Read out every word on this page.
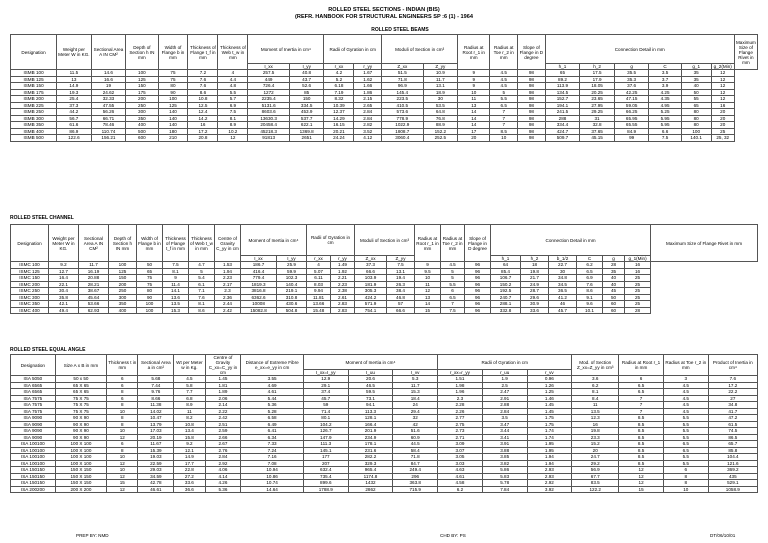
ROLLED STEEL SECTIONS - INDIAN (BIS)
(REFR. HANBOOK FOR STRUCTURAL ENGINEERS SP :6 (1) - 1964
ROLLED STEEL BEAMS
Designation	Weight per Meter W in KG.	Sectional Area A IN CM²	Depth of Section h IN mm	Width of Flange b in mm	Thickness of Flange t_f in mm	Thickness of Web t_w in mm	Moment of Inertia in cm⁴		Radii of Gyration in cm		Moduli of Section in cm³		Radius at Root r_1 in mm	Radius at Toe r_2 in mm	Slope of Flange in D degree	Connection Detail in mm						Maximum Size of Flange Rivet in mm
							I_xx	I_yy	r_xx	r_yy	Z_xx	Z_yy				h_1	h_2	g	C	g_1	g_2(Min)	
ISMB 100	11.5	14.6	100	75	7.2	4	257.5	40.8	4.2	1.67	51.5	10.9	9	4.5	98	65	17.5	35.5	3.5	35	12	
ISMB 125	13	16.6	125	75	7.6	4.4	449	43.7	5.2	1.62	71.8	11.7	9	4.5	98	89.2	17.9	35.3	3.7	35	12	
ISMB 150	14.9	19	150	80	7.6	4.8	726.4	52.6	6.18	1.66	96.9	13.1	9	4.5	98	113.9	18.05	37.6	3.9	40	12	
ISMB 175	19.3	24.62	175	90	8.6	5.5	1272	85	7.19	1.86	145.4	18.9	10	5	98	134.5	20.25	42.25	4.25	50	12	
ISMB 200	25.4	32.33	200	100	10.8	5.7	2235.4	150	8.32	2.15	223.5	30	11	5.5	98	152.7	23.65	47.15	4.35	55	12	
ISMB 225	37.3	47.55	250	125	12.5	6.9	5131.6	334.5	10.39	2.65	410.5	53.5	13	6.5	98	194.1	27.95	59.05	4.95	65	16	
ISMB 250	44.2	56.26	300	140	12.4	7.5	8603.6	453.9	12.37	2.84	573.6	64.8	14	7	98	241.5	29.25	66.25	5.25	80	20	
ISMB 300	56.7	66.71	350	140	14.2	8.1	13630.3	537.7	14.29	2.84	778.9	76.8	14	7	98	288	31	65.95	5.95	80	20	
ISMB 350	61.6	78.46	400	140	16	8.9	20458.4	622.1	16.15	2.82	1022.9	88.9	14	7	98	334.4	32.8	65.55	5.95	80	20	
ISMB 400	86.9	110.74	500	180	17.2	10.2	45218.3	1369.8	20.21	3.52	1808.7	152.2	17	8.5	98	424.7	37.65	84.9	6.6	100	25	
ISMB 500	122.6	156.21	600	210	20.8	12	91813	2651	24.24	4.12	3060.4	252.5	20	10	98	509.7	45.15	99	7.5	140.1	25, 32	
ROLLED STEEL CHANNEL
Designation	Weight per Meter W in KG.	Sectional Area A IN CM²	Depth of Section h IN mm	Width of Flange b in mm	Thickness of Flange t_f in mm	Thickness of Web t_w in mm	Centre of Gravity C_yy in cm	Moment of Inertia in cm⁴		Radii of Gyration in cm		Moduli of Section in cm³		Radius at Root r_1 in mm	Radius at Toe r_2 in mm	Slope of Flange in D degree	Connection Detail in mm						Maximum Size of Flange Rivet in mm
								I_xx	I_yy	r_xx	r_yy	Z_xx	Z_yy				h_1	h_2	b_1/2	C	g	g_1(Min)	
ISMC 100	9.2	11.7	100	50	7.5	4.7	1.53	186.7	25.9	4	1.49	37.3	7.5	9	4.5	96	64	18	22.7	6.2	28	16	
ISMC 125	12.7	16.19	125	65	8.1	5	1.94	416.4	59.9	5.07	1.92	66.6	13.1	9.5	5	96	85.4	19.8	30	6.5	35	16	
ISMC 150	16.4	20.88	150	75	9	5.4	2.23	779.4	102.3	6.11	2.21	103.9	19.4	10	5	96	106.7	21.7	34.8	6.9	40	25	
ISMC 200	22.1	28.21	200	75	11.4	6.1	2.17	1819.3	140.4	8.03	2.23	181.9	26.3	11	5.5	96	150.2	24.9	34.5	7.6	40	25	
ISMC 250	30.4	38.67	250	80	14.1	7.1	2.3	3816.8	219.1	9.94	2.38	305.3	38.4	12	6	96	192.5	28.7	36.5	8.6	45	25	
ISMC 300	35.8	45.64	300	90	13.6	7.6	2.36	6362.6	310.8	11.81	2.61	424.2	46.8	13	6.5	96	240.7	29.6	41.2	9.1	50	25	
ISMC 350	42.1	53.66	350	100	13.5	8.1	2.44	10008	430.6	13.66	2.83	571.9	57	14	7	96	288.1	30.9	46	9.6	60	25	
ISMC 400	49.4	62.93	400	100	15.3	8.6	2.42	15082.8	504.8	15.48	2.83	754.1	66.6	15	7.5	96	332.8	33.6	45.7	10.1	60	28	
ROLLED STEEL EQUAL ANGLE
Designation	Size A x B in mm	Thickness t in mm	Sectional Area a in cm²	Wt per Meter w in Kg.	Centre of Gravity C_xx=C_yy in cm	Distance of Extreme Fibre e_xx=e_yy in cm	Moment of Inertia in cm⁴			Radii of Gyration in cm			Mod. of Section Z_xx=Z_yy in cm³	Radius at Root r_1 in mm	Radius at Toe r_2 in mm	Product of Inertia in cm⁴
							I_xx=I_yy	I_uu	I_vv	r_xx=r_yy	r_uu	r_vv				
ISA 5050	50 x 50	6	5.68	4.5	1.45	3.55	12.9	20.6	5.3	1.51	1.9	0.96	3.6	6	3	7.6
ISA 6565	65 X 65	6	7.44	5.8	1.81	4.69	29.1	46.5	11.7	1.98	2.5	1.26	6.2	6.5	4.5	17.2
ISA 6565	65 X 65	8	9.76	7.7	1.89	4.61	37.4	59.5	15.3	1.96	2.47	1.25	8.1	6.5	4.5	22.2
ISA 7575	75 X 75	6	8.66	6.8	2.06	5.44	45.7	73.1	18.4	2.3	2.91	1.46	8.4	7	4.5	27
ISA 7575	75 X 75	8	11.38	8.9	2.14	5.36	59	94.1	24	2.28	2.88	1.45	11	7	4.5	34.8
ISA 7575	75 X 75	10	14.02	11	2.22	5.28	71.4	113.3	29.4	2.26	2.84	1.45	13.5	7	4.5	41.7
ISA 9090	90 X 90	8	10.47	8.2	2.42	6.58	80.1	128.1	32	2.77	3.5	1.75	12.3	8.5	5.5	47.2
ISA 9090	90 X 90	8	13.79	10.8	2.51	6.49	104.2	166.4	42	2.75	3.47	1.75	16	8.5	5.5	61.5
ISA 9090	90 X 90	10	17.03	13.4	2.59	6.41	126.7	201.9	51.6	2.73	3.44	1.74	19.8	8.5	5.5	74.5
ISA 9090	90 X 90	12	20.19	15.8	2.66	6.34	147.9	234.9	60.9	2.71	3.41	1.74	23.3	8.5	5.5	86.5
ISA 100100	100 X 100	6	11.67	9.2	2.67	7.33	111.3	178.1	44.5	3.09	3.91	1.95	15.2	8.5	6.5	65.7
ISA 100100	100 X 100	8	15.39	12.1	2.76	7.24	145.1	231.6	58.4	3.07	3.88	1.95	20	8.5	6.5	85.8
ISA 100100	100 X 100	10	19.03	14.9	2.84	7.16	177	282.2	71.8	3.05	3.85	1.94	24.7	8.5	5.5	104.4
ISA 100100	100 X 100	12	22.59	17.7	2.92	7.08	207	329.3	84.7	3.03	3.82	1.94	29.2	8.5	5.5	121.6
ISA 150150	150 X 150	10	29.03	22.8	4.06	10.94	632.4	965.4	249.4	4.63	5.86	2.93	56.9	12	6	369.2
ISA 150150	150 X 150	12	34.59	27.2	4.14	10.86	735.4	1174.8	296	4.61	5.83	2.93	67.7	12	8	435
ISA 150150	150 X 150	15	42.78	33.6	4.26	10.74	899.6	1432	363.8	4.58	5.78	2.92	83.5	12	8	529.1
ISA 200200	200 X 200	12	46.61	36.6	5.36	14.64	1788.9	2862	715.9	6.2	7.84	3.92	122.2	15	10	1058.9
PREP BY: NMD	CHD BY: PS	DT/06/10/01
